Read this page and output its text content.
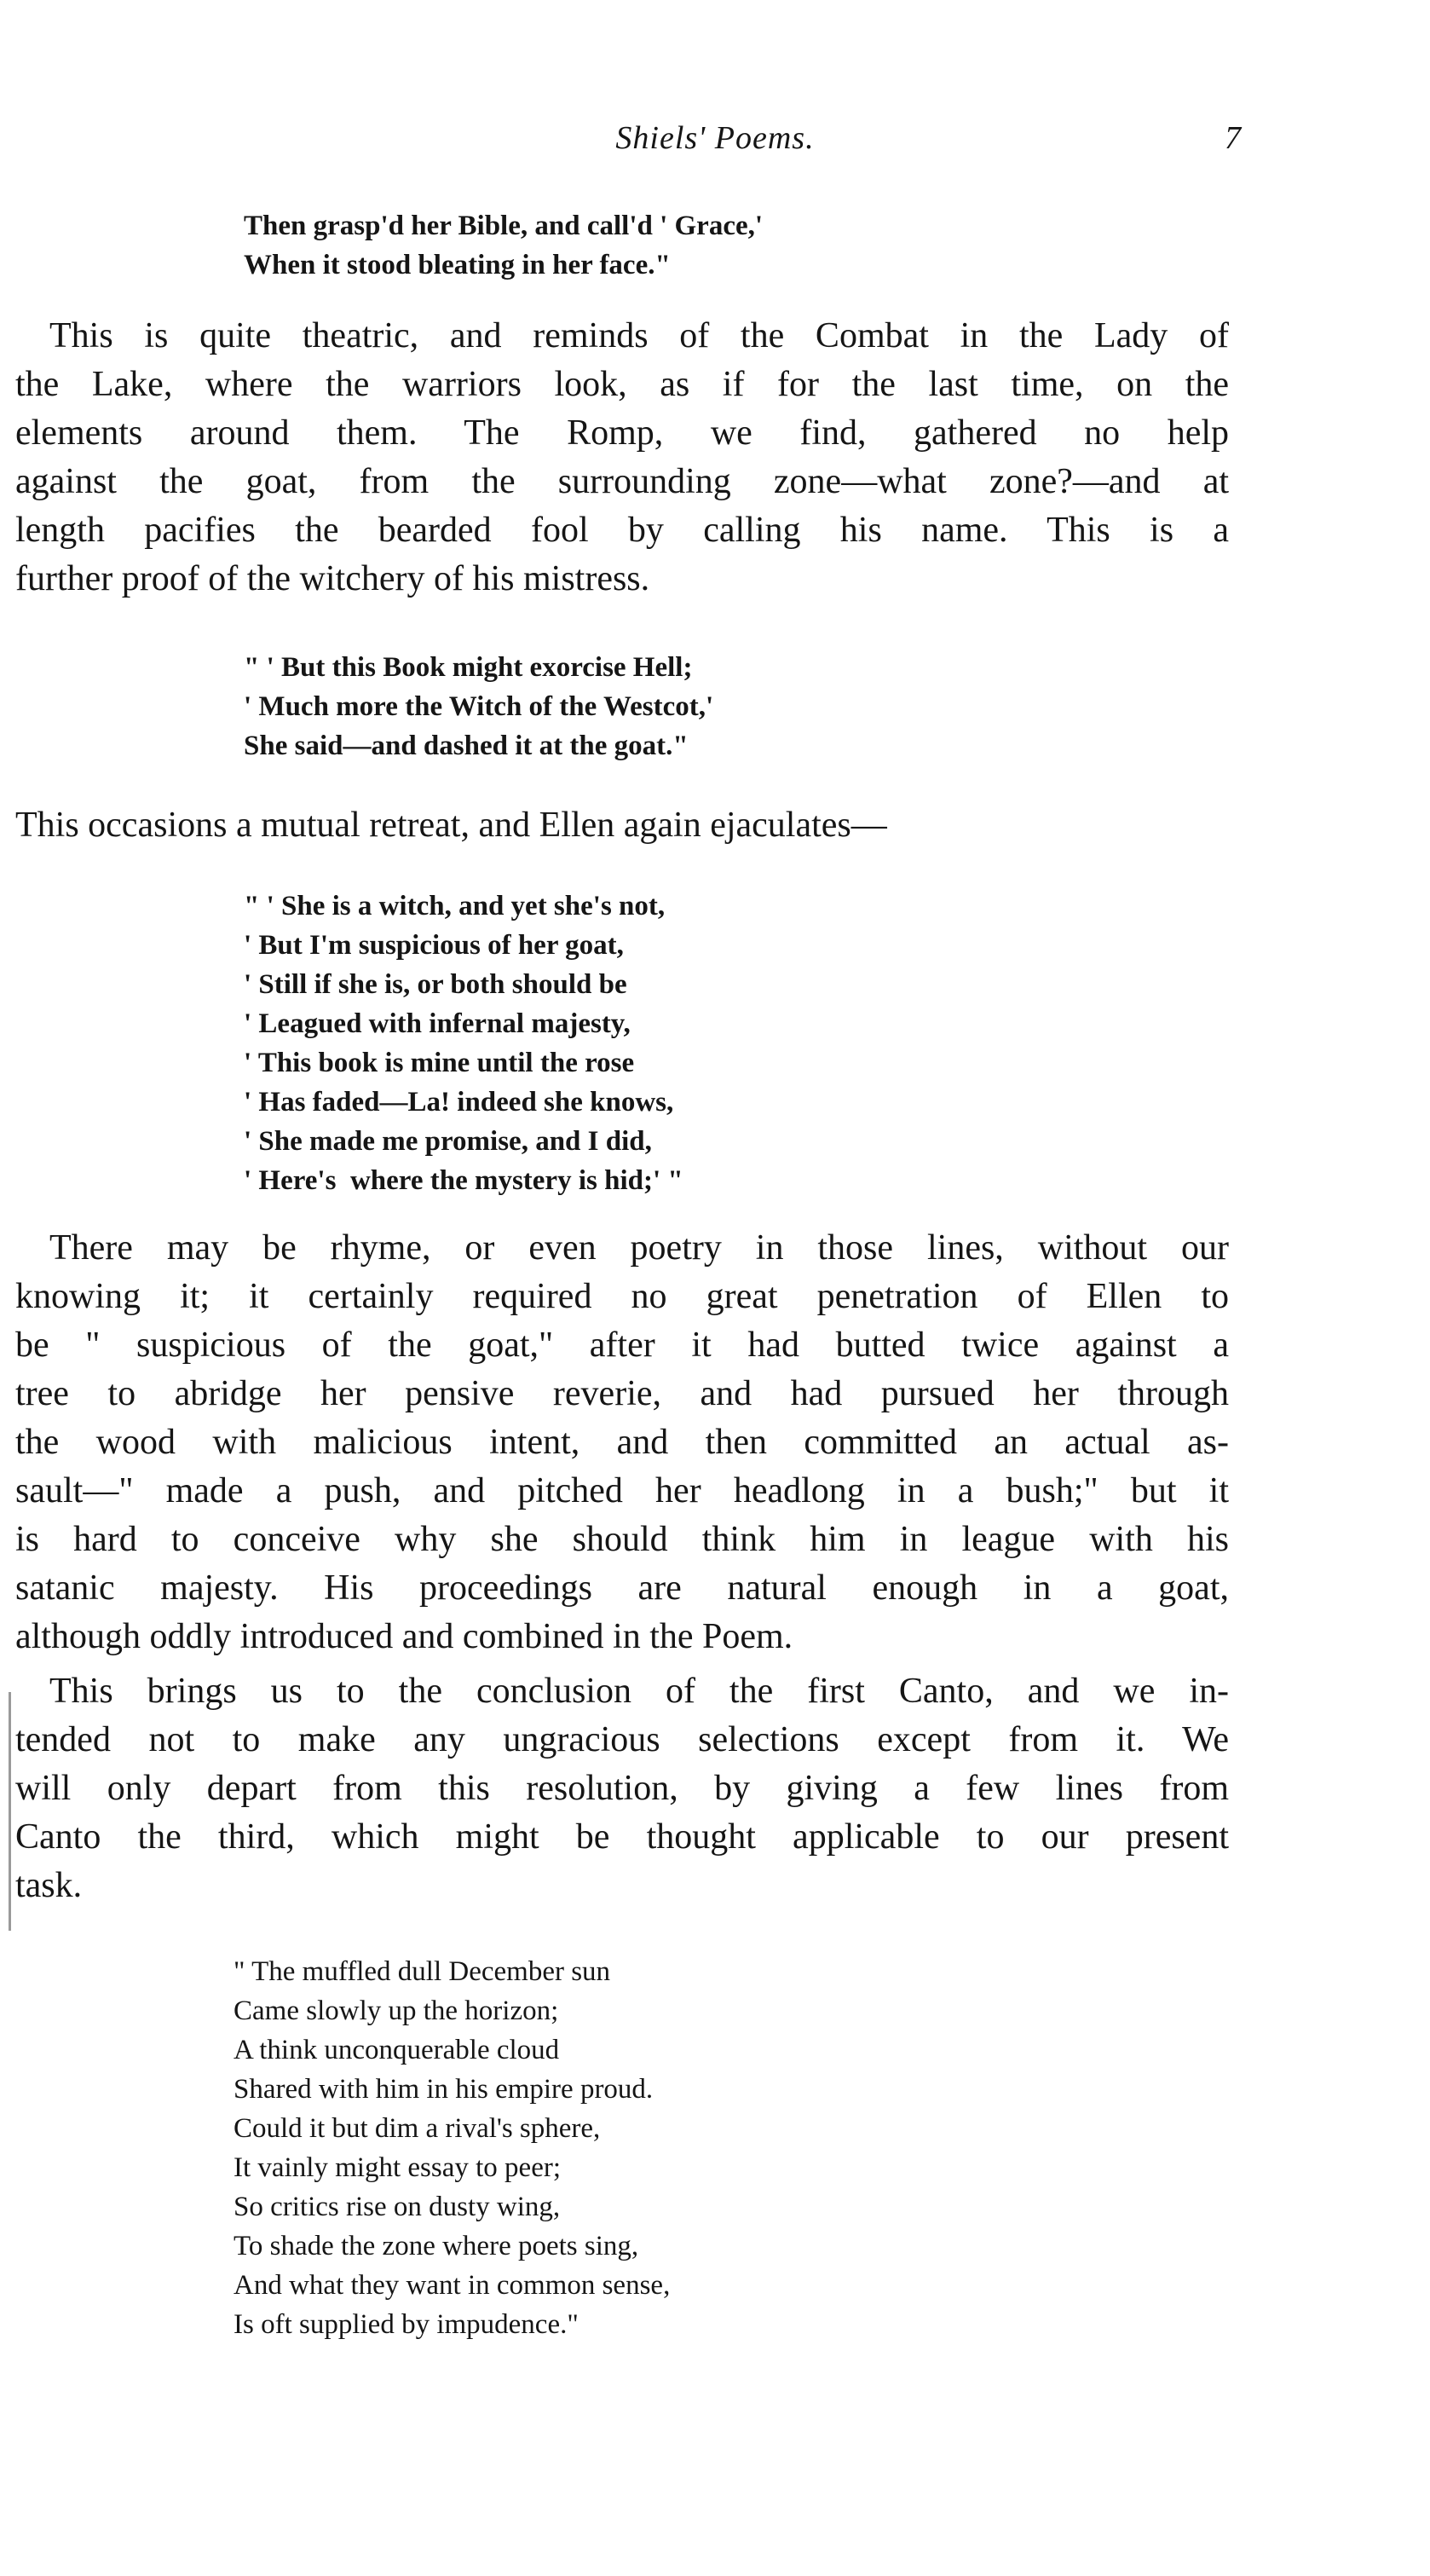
Shiels' Poems.	7
Then grasp'd her Bible, and call'd ' Grace,'
When it stood bleating in her face."
This is quite theatric, and reminds of the Combat in the Lady of
the Lake, where the warriors look, as if for the last time, on the
elements around them. The Romp, we find, gathered no help
against the goat, from the surrounding zone—what zone?—and at
length pacifies the bearded fool by calling his name. This is a
further proof of the witchery of his mistress.
" ' But this Book might exorcise Hell;
' Much more the Witch of the Westcot,'
She said—and dashed it at the goat."
This occasions a mutual retreat, and Ellen again ejaculates—
" ' She is a witch, and yet she's not,
' But I'm suspicious of her goat,
' Still if she is, or both should be
' Leagued with infernal majesty,
' This book is mine until the rose
' Has faded—La! indeed she knows,
' She made me promise, and I did,
' Here's  where the mystery is hid;' "
There may be rhyme, or even poetry in those lines, without our
knowing it; it certainly required no great penetration of Ellen to
be " suspicious of the goat," after it had butted twice against a
tree to abridge her pensive reverie, and had pursued her through
the wood with malicious intent, and then committed an actual as-
sault—" made a push, and pitched her headlong in a bush;" but it
is hard to conceive why she should think him in league with his
satanic majesty. His proceedings are natural enough in a goat,
although oddly introduced and combined in the Poem.
This brings us to the conclusion of the first Canto, and we in-
tended not to make any ungracious selections except from it. We
will only depart from this resolution, by giving a few lines from
Canto the third, which might be thought applicable to our present
task.
" The muffled dull December sun
Came slowly up the horizon;
A think unconquerable cloud
Shared with him in his empire proud.
Could it but dim a rival's sphere,
It vainly might essay to peer;
So critics rise on dusty wing,
To shade the zone where poets sing,
And what they want in common sense,
Is oft supplied by impudence."
